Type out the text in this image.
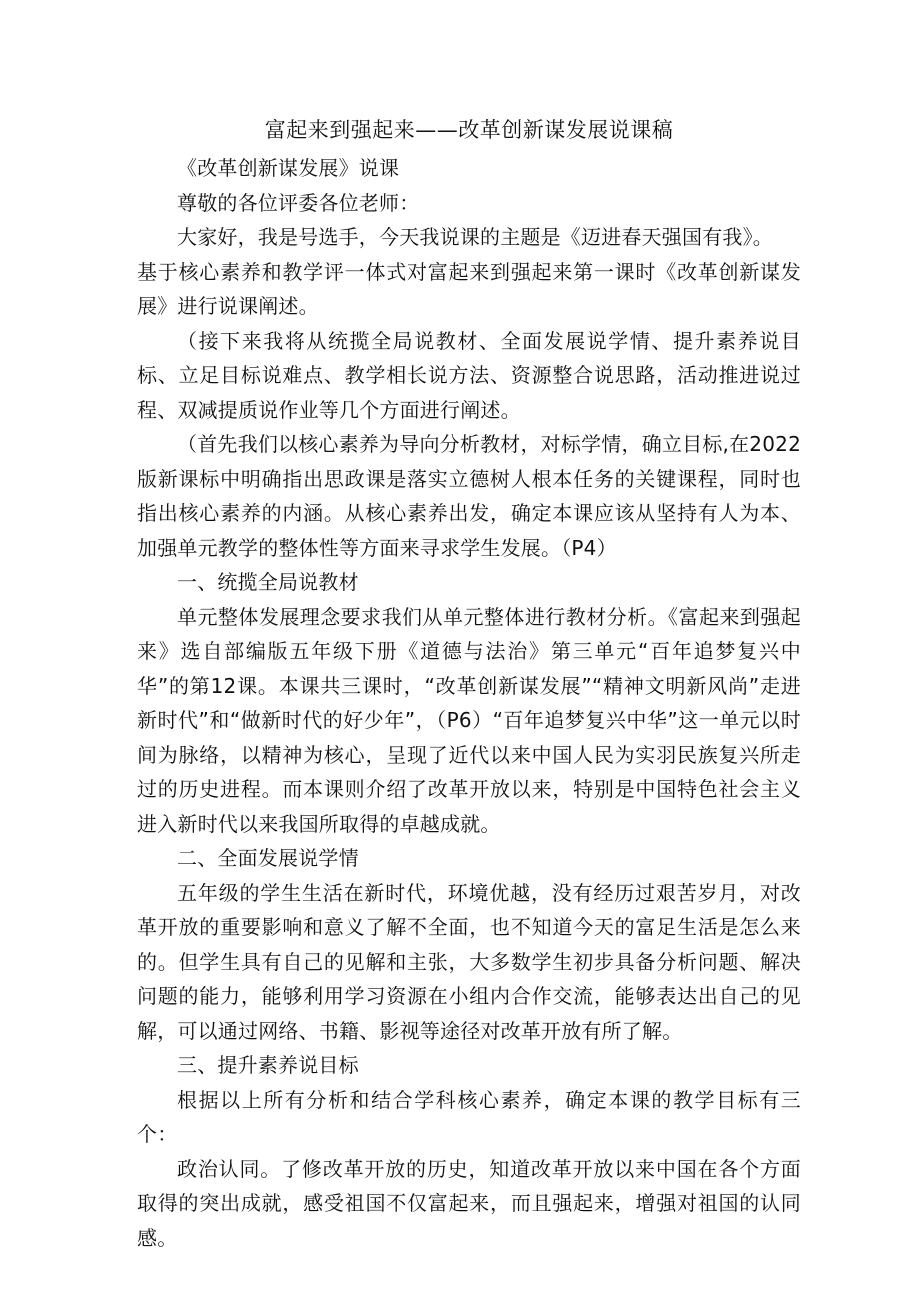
富起来到强起来——改革创新谋发展说课稿

《改革创新谋发展》说课

尊敬的各位评委各位老师：

大家好，我是号选手，今天我说课的主题是《迈进春天强国有我》。

基于核心素养和教学评一体式对富起来到强起来第一课时《改革创新谋发展》进行说课阐述。

（接下来我将从统揽全局说教材、全面发展说学情、提升素养说目标、立足目标说难点、教学相长说方法、资源整合说思路，活动推进说过程、双减提质说作业等几个方面进行阐述。

（首先我们以核心素养为导向分析教材，对标学情，确立目标,在2022版新课标中明确指出思政课是落实立德树人根本任务的关键课程，同时也指出核心素养的内涵。从核心素养出发，确定本课应该从坚持有人为本、加强单元教学的整体性等方面来寻求学生发展。（P4）

一、统揽全局说教材

单元整体发展理念要求我们从单元整体进行教材分析。《富起来到强起来》选自部编版五年级下册《道德与法治》第三单元“百年追梦复兴中华”的第12课。本课共三课时，“改革创新谋发展”“精神文明新风尚”走进新时代”和“做新时代的好少年”，（P6）“百年追梦复兴中华”这一单元以时间为脉络，以精神为核心，呈现了近代以来中国人民为实羽民族复兴所走过的历史进程。而本课则介绍了改革开放以来，特别是中国特色社会主义进入新时代以来我国所取得的卓越成就。

二、全面发展说学情

五年级的学生生活在新时代，环境优越，没有经历过艰苦岁月，对改革开放的重要影响和意义了解不全面，也不知道今天的富足生活是怎么来的。但学生具有自己的见解和主张，大多数学生初步具备分析问题、解决问题的能力，能够利用学习资源在小组内合作交流，能够表达出自己的见解，可以通过网络、书籍、影视等途径对改革开放有所了解。

三、提升素养说目标

根据以上所有分析和结合学科核心素养，确定本课的教学目标有三个：

政治认同。了修改革开放的历史，知道改革开放以来中国在各个方面取得的突出成就，感受祖国不仅富起来，而且强起来，增强对祖国的认同感。
